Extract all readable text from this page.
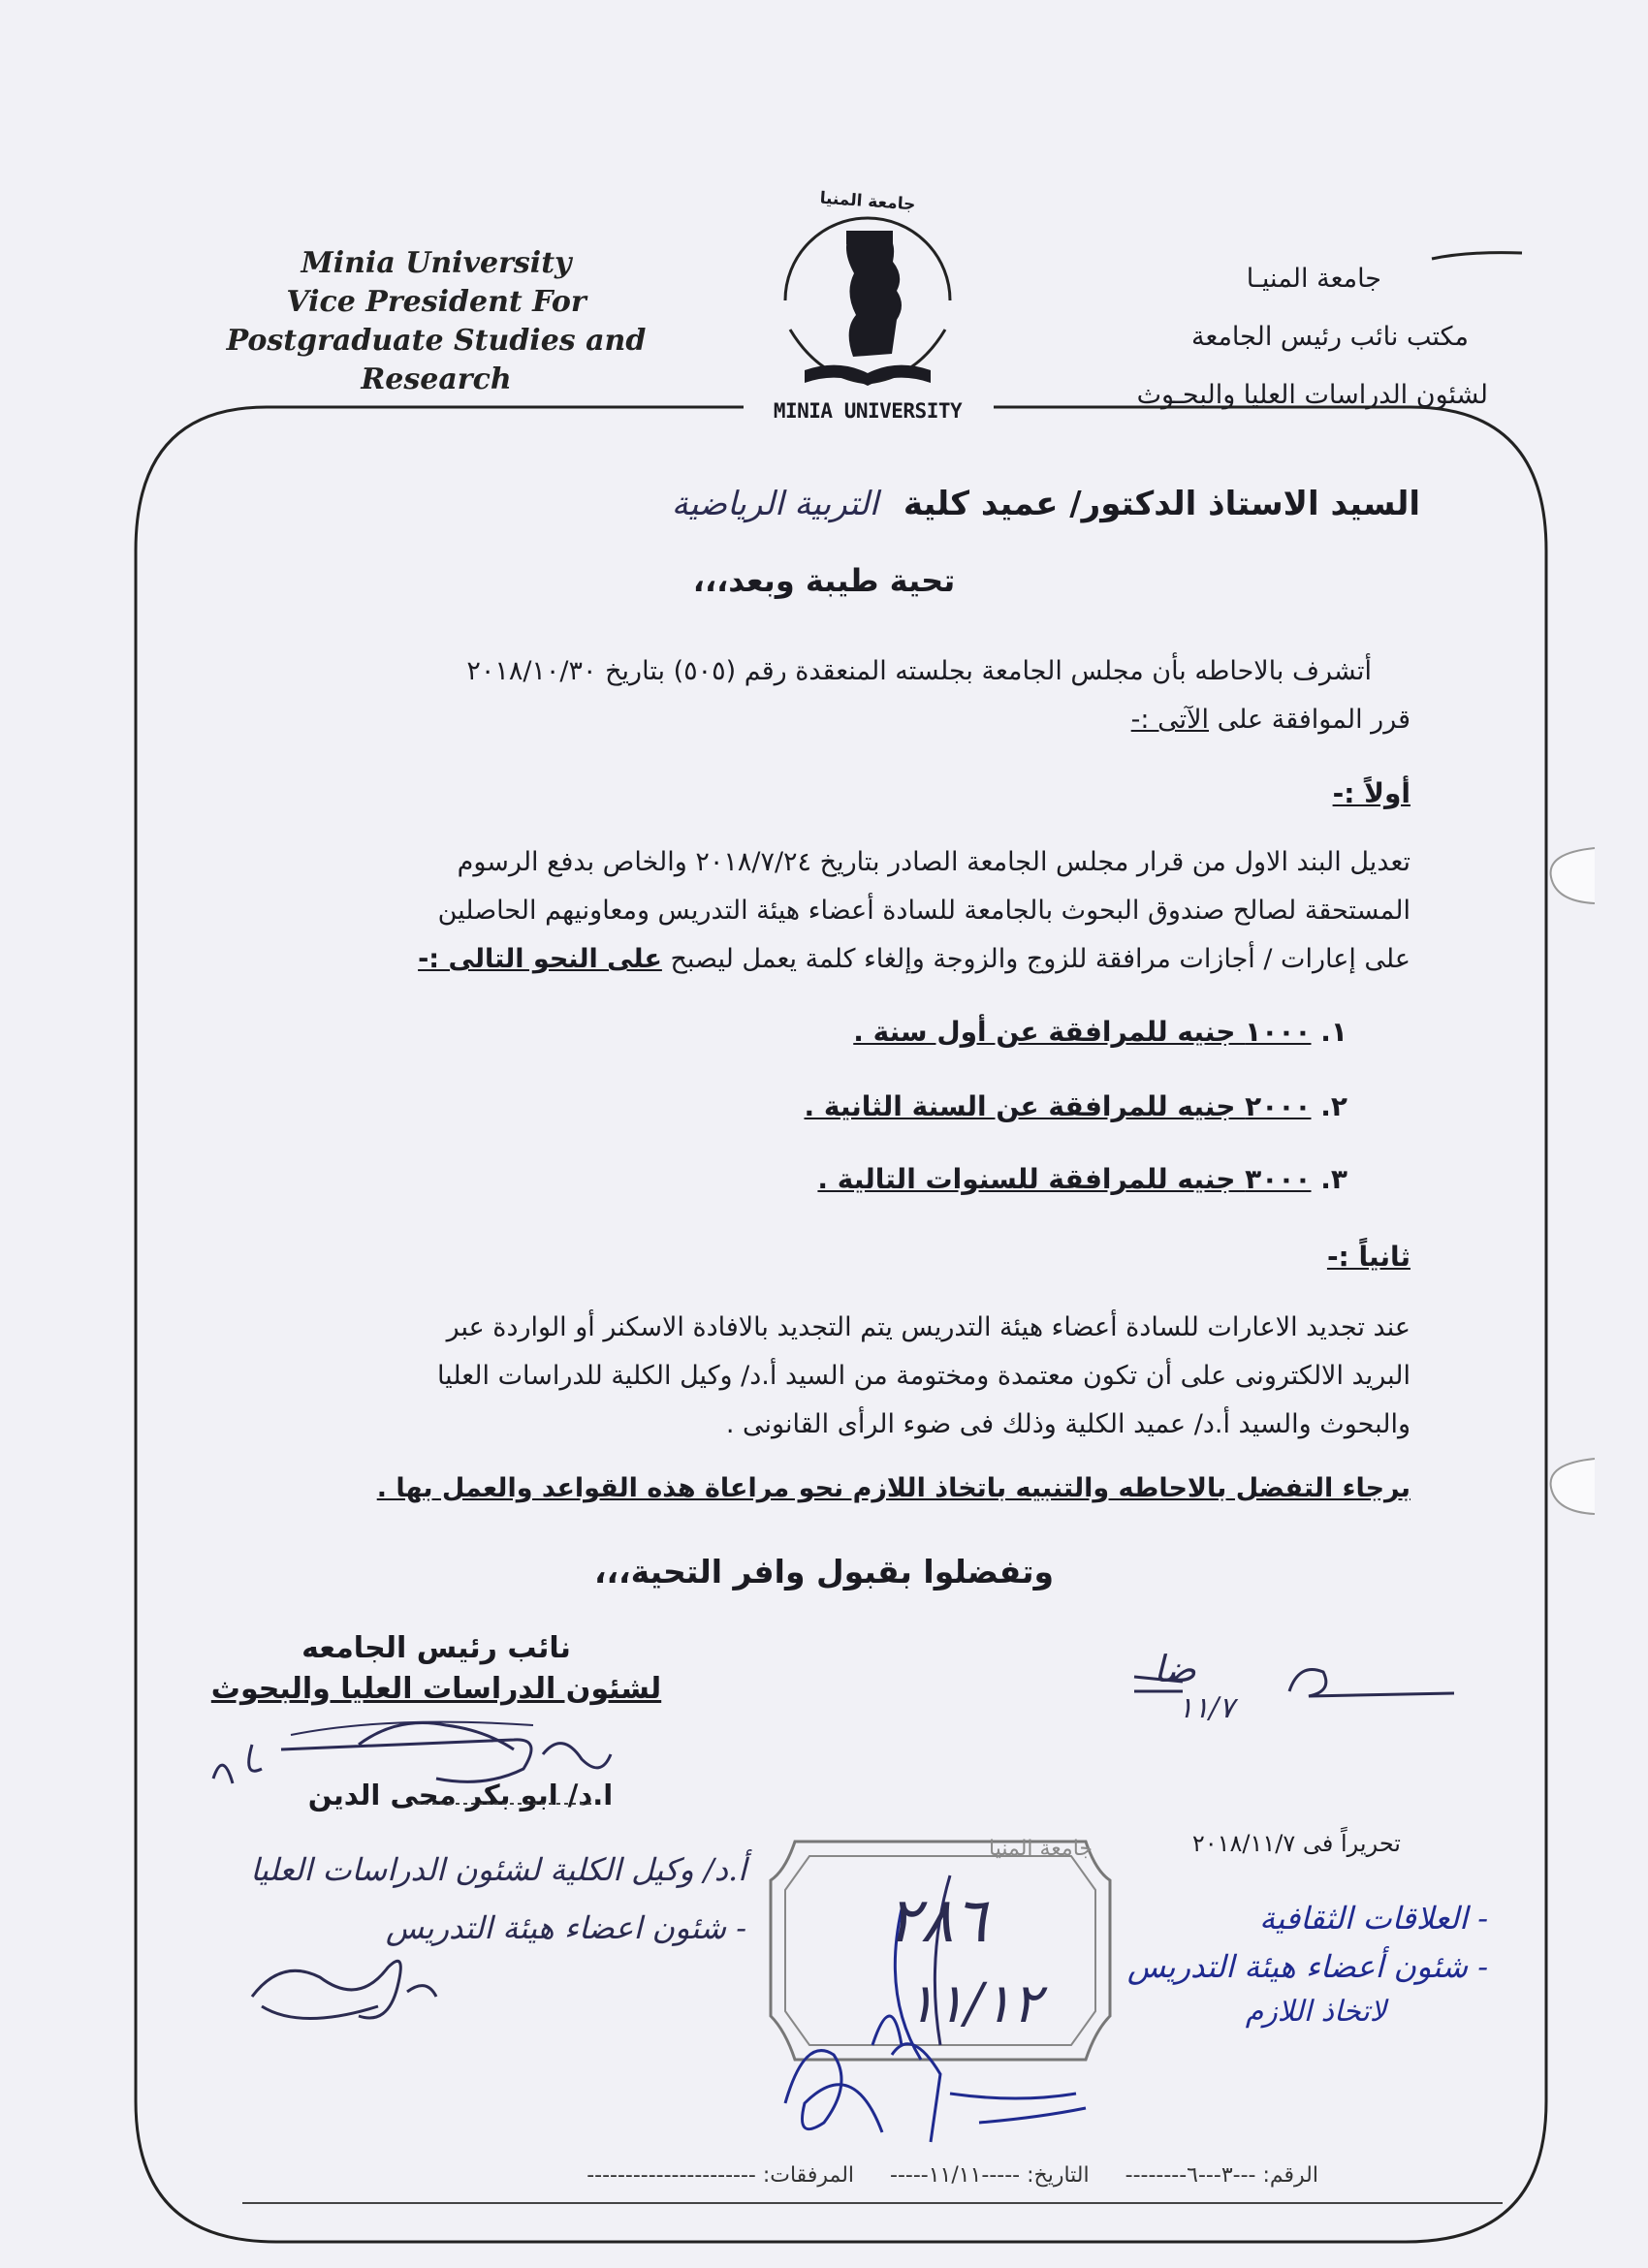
Minia University
Vice President For
Postgraduate Studies and Research
جامعة المنيـا
مكتب نائب رئيس الجامعة
لشئون الدراسات العليا والبحـوث
جامعة المنيا
MINIA UNIVERSITY
السيد الاستاذ الدكتور/ عميد كلية التربية الرياضية
تحية طيبة وبعد،،،
أتشرف بالاحاطه بأن مجلس الجامعة بجلسته المنعقدة رقم (٥٠٥) بتاريخ ٢٠١٨/١٠/٣٠
قرر الموافقة على الآتى :-
أولاً :-
تعديل البند الاول من قرار مجلس الجامعة الصادر بتاريخ ٢٠١٨/٧/٢٤ والخاص بدفع الرسوم
المستحقة لصالح صندوق البحوث بالجامعة للسادة أعضاء هيئة التدريس ومعاونيهم الحاصلين
على إعارات / أجازات مرافقة للزوج والزوجة وإلغاء كلمة يعمل ليصبح على النحو التالى :-
١. ١٠٠٠ جنيه للمرافقة عن أول سنة .
٢. ٢٠٠٠ جنيه للمرافقة عن السنة الثانية .
٣. ٣٠٠٠ جنيه للمرافقة للسنوات التالية .
ثانياً :-
عند تجديد الاعارات للسادة أعضاء هيئة التدريس يتم التجديد بالافادة الاسكنر أو الواردة عبر
البريد الالكترونى على أن تكون معتمدة ومختومة من السيد أ.د/ وكيل الكلية للدراسات العليا
والبحوث والسيد أ.د/ عميد الكلية وذلك فى ضوء الرأى القانونى .
برجاء التفضل بالاحاطه والتنبيه باتخاذ اللازم نحو مراعاة هذه القواعد والعمل بها .
وتفضلوا بقبول وافر التحية،،،
نائب رئيس الجامعه
لشئون الدراسات العليا والبحوث
ا.د/ ابو بكر محى الدين
ضا
١١/٧
تحريراً فى ٢٠١٨/١١/٧
جامعة المنيا
٢٨٦
١١/١٢
أ.د/ وكيل الكلية لشئون الدراسات العليا
- شئون اعضاء هيئة التدريس	- العلاقات الثقافية
- شئون أعضاء هيئة التدريس
لاتخاذ اللازم
الرقم: ---٣---٦-------- التاريخ: -----١١/١١----- المرفقات: ----------------------
